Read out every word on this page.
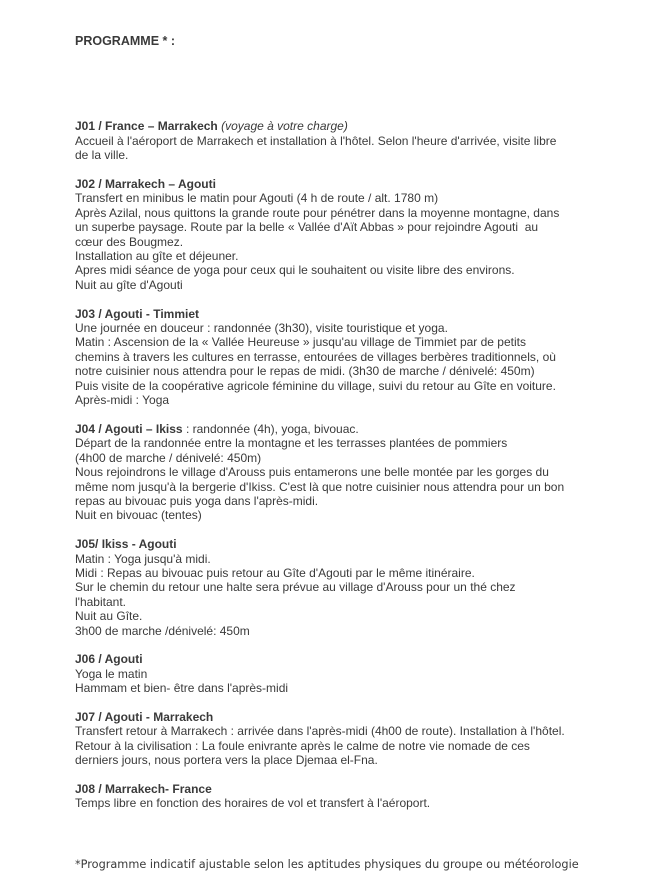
PROGRAMME * :
J01 / France – Marrakech (voyage à votre charge)
Accueil à l'aéroport de Marrakech et installation à l'hôtel. Selon l'heure d'arrivée, visite libre
de la ville.
J02 / Marrakech – Agouti
Transfert en minibus le matin pour Agouti (4 h de route / alt. 1780 m)
Après Azilal, nous quittons la grande route pour pénétrer dans la moyenne montagne, dans
un superbe paysage. Route par la belle « Vallée d'Aït Abbas » pour rejoindre Agouti  au
cœur des Bougmez.
Installation au gîte et déjeuner.
Apres midi séance de yoga pour ceux qui le souhaitent ou visite libre des environs.
Nuit au gîte d'Agouti
J03 / Agouti - Timmiet
Une journée en douceur : randonnée (3h30), visite touristique et yoga.
Matin : Ascension de la « Vallée Heureuse » jusqu'au village de Timmiet par de petits
chemins à travers les cultures en terrasse, entourées de villages berbères traditionnels, où
notre cuisinier nous attendra pour le repas de midi. (3h30 de marche / dénivelé: 450m)
Puis visite de la coopérative agricole féminine du village, suivi du retour au Gîte en voiture.
Après-midi : Yoga
J04 / Agouti – Ikiss : randonnée (4h), yoga, bivouac.
Départ de la randonnée entre la montagne et les terrasses plantées de pommiers
(4h00 de marche / dénivelé: 450m)
Nous rejoindrons le village d'Arouss puis entamerons une belle montée par les gorges du
même nom jusqu'à la bergerie d'Ikiss. C'est là que notre cuisinier nous attendra pour un bon
repas au bivouac puis yoga dans l'après-midi.
Nuit en bivouac (tentes)
J05/ Ikiss - Agouti
Matin : Yoga jusqu'à midi.
Midi : Repas au bivouac puis retour au Gîte d'Agouti par le même itinéraire.
Sur le chemin du retour une halte sera prévue au village d'Arouss pour un thé chez
l'habitant.
Nuit au Gîte.
3h00 de marche /dénivelé: 450m
J06 / Agouti
Yoga le matin
Hammam et bien- être dans l'après-midi
J07 / Agouti - Marrakech
Transfert retour à Marrakech : arrivée dans l'après-midi (4h00 de route). Installation à l'hôtel.
Retour à la civilisation : La foule enivrante après le calme de notre vie nomade de ces
derniers jours, nous portera vers la place Djemaa el-Fna.
J08 / Marrakech- France
Temps libre en fonction des horaires de vol et transfert à l'aéroport.

*Programme indicatif ajustable selon les aptitudes physiques du groupe ou météorologie
